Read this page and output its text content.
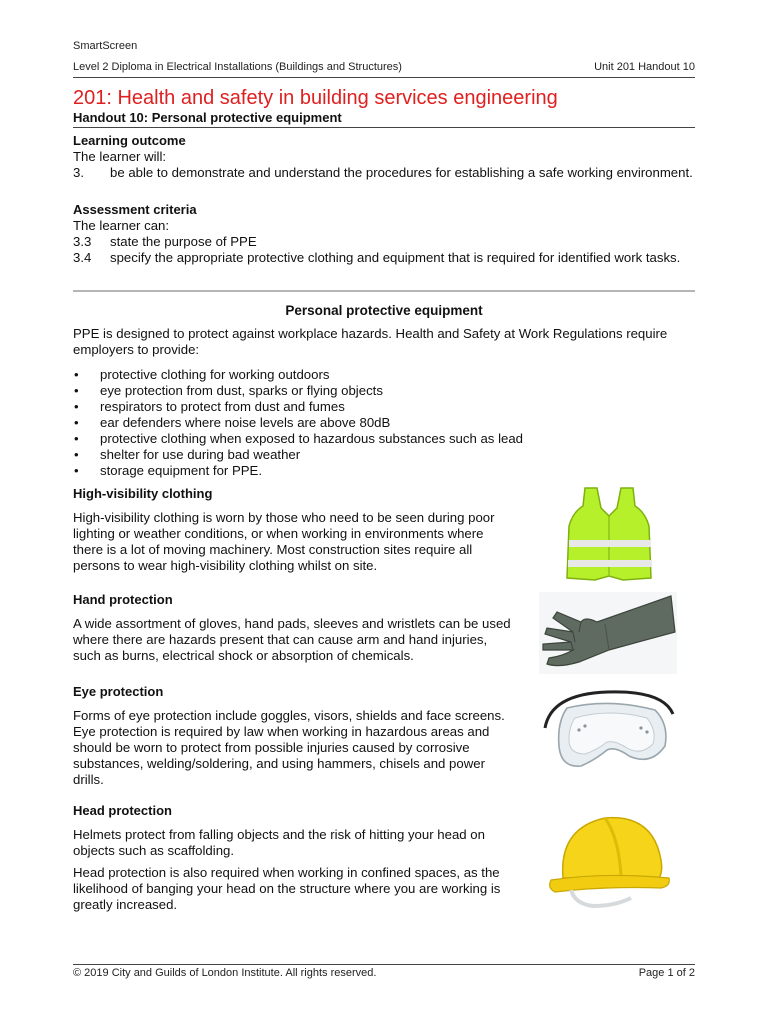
SmartScreen
Level 2 Diploma in Electrical Installations (Buildings and Structures)	Unit 201 Handout 10
201: Health and safety in building services engineering
Handout 10: Personal protective equipment
Learning outcome
The learner will:
3. be able to demonstrate and understand the procedures for establishing a safe working environment.
Assessment criteria
The learner can:
3.3 state the purpose of PPE
3.4 specify the appropriate protective clothing and equipment that is required for identified work tasks.
Personal protective equipment
PPE is designed to protect against workplace hazards. Health and Safety at Work Regulations require employers to provide:
• protective clothing for working outdoors
• eye protection from dust, sparks or flying objects
• respirators to protect from dust and fumes
• ear defenders where noise levels are above 80dB
• protective clothing when exposed to hazardous substances such as lead
• shelter for use during bad weather
• storage equipment for PPE.
High-visibility clothing

High-visibility clothing is worn by those who need to be seen during poor lighting or weather conditions, or when working in environments where there is a lot of moving machinery. Most construction sites require all persons to wear high-visibility clothing whilst on site.

Hand protection

A wide assortment of gloves, hand pads, sleeves and wristlets can be used where there are hazards present that can cause arm and hand injuries, such as burns, electrical shock or absorption of chemicals.

Eye protection

Forms of eye protection include goggles, visors, shields and face screens. Eye protection is required by law when working in hazardous areas and should be worn to protect from possible injuries caused by corrosive substances, welding/soldering, and using hammers, chisels and power drills.

Head protection

Helmets protect from falling objects and the risk of hitting your head on objects such as scaffolding.

Head protection is also required when working in confined spaces, as the likelihood of banging your head on the structure where you are working is greatly increased.

© 2019 City and Guilds of London Institute. All rights reserved.	Page 1 of 2
